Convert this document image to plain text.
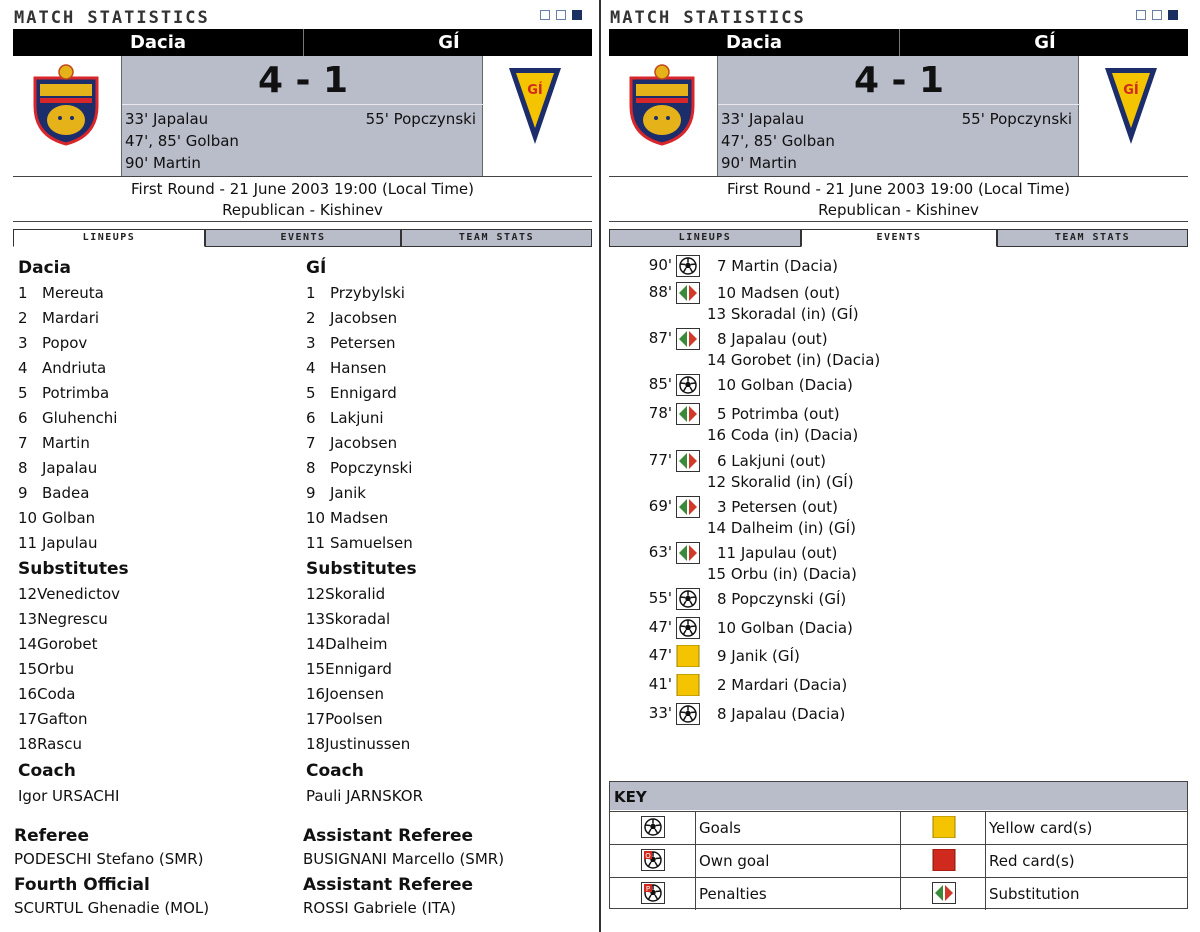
MATCH STATISTICS
Dacia	GÍ
4 - 1
33' Japalau
47', 85' Golban
90' Martin
55' Popczynski
GÍ
First Round - 21 June 2003 19:00 (Local Time)
Republican - Kishinev
LINEUPS	EVENTS	TEAM STATS
Dacia
1 Mereuta
2 Mardari
3 Popov
4 Andriuta
5 Potrimba
6 Gluhenchi
7 Martin
8 Japalau
9 Badea
10 Golban
11 Japulau
Substitutes
12Venedictov
13Negrescu
14Gorobet
15Orbu
16Coda
17Gafton
18Rascu
Coach
Igor URSACHI
GÍ
1 Przybylski
2 Jacobsen
3 Petersen
4 Hansen
5 Ennigard
6 Lakjuni
7 Jacobsen
8 Popczynski
9 Janik
10 Madsen
11 Samuelsen
Substitutes
12Skoralid
13Skoradal
14Dalheim
15Ennigard
16Joensen
17Poolsen
18Justinussen
Coach
Pauli JARNSKOR
Referee
PODESCHI Stefano (SMR)
Assistant Referee
BUSIGNANI Marcello (SMR)
Fourth Official
SCURTUL Ghenadie (MOL)
Assistant Referee
ROSSI Gabriele (ITA)
MATCH STATISTICS
Dacia	GÍ
4 - 1
33' Japalau
47', 85' Golban
90' Martin
55' Popczynski
GÍ
First Round - 21 June 2003 19:00 (Local Time)
Republican - Kishinev
LINEUPS	EVENTS	TEAM STATS
90'	7 Martin (Dacia)
88'	10 Madsen (out)
13 Skoradal (in) (GÍ)
87'	8 Japalau (out)
14 Gorobet (in) (Dacia)
85'	10 Golban (Dacia)
78'	5 Potrimba (out)
16 Coda (in) (Dacia)
77'	6 Lakjuni (out)
12 Skoralid (in) (GÍ)
69'	3 Petersen (out)
14 Dalheim (in) (GÍ)
63'	11 Japulau (out)
15 Orbu (in) (Dacia)
55'	8 Popczynski (GÍ)
47'	10 Golban (Dacia)
47'	9 Janik (GÍ)
41'	2 Mardari (Dacia)
33'	8 Japalau (Dacia)
KEY
Goals	Yellow card(s)
O	Own goal	Red card(s)
P	Penalties	Substitution
